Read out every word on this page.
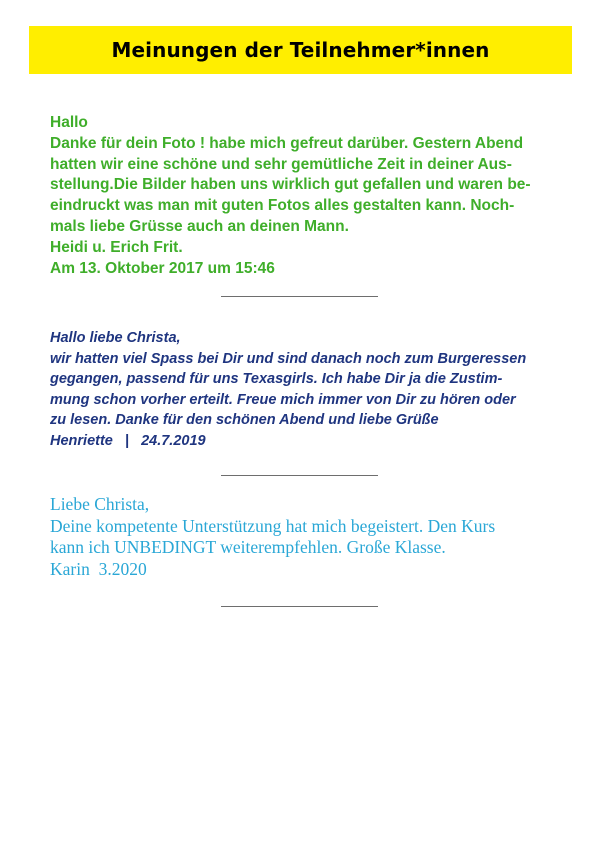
Meinungen der Teilnehmer*innen

Hallo

Danke für dein Foto ! habe mich gefreut darüber. Gestern Abend

hatten wir eine schöne und sehr gemütliche Zeit in deiner Aus-

stellung.Die Bilder haben uns wirklich gut gefallen und waren be-

eindruckt was man mit guten Fotos alles gestalten kann. Noch-

mals liebe Grüsse auch an deinen Mann.

Heidi u. Erich Frit.

Am 13. Oktober 2017 um 15:46

Hallo liebe Christa,

wir hatten viel Spass bei Dir und sind danach noch zum Burgeressen

gegangen, passend für uns Texasgirls. Ich habe Dir ja die Zustim-

mung schon vorher erteilt. Freue mich immer von Dir zu hören oder

zu lesen. Danke für den schönen Abend und liebe Grüße

Henriette   |   24.7.2019

Liebe Christa,

Deine kompetente Unterstützung hat mich begeistert. Den Kurs

kann ich UNBEDINGT weiterempfehlen. Große Klasse.

Karin  3.2020
